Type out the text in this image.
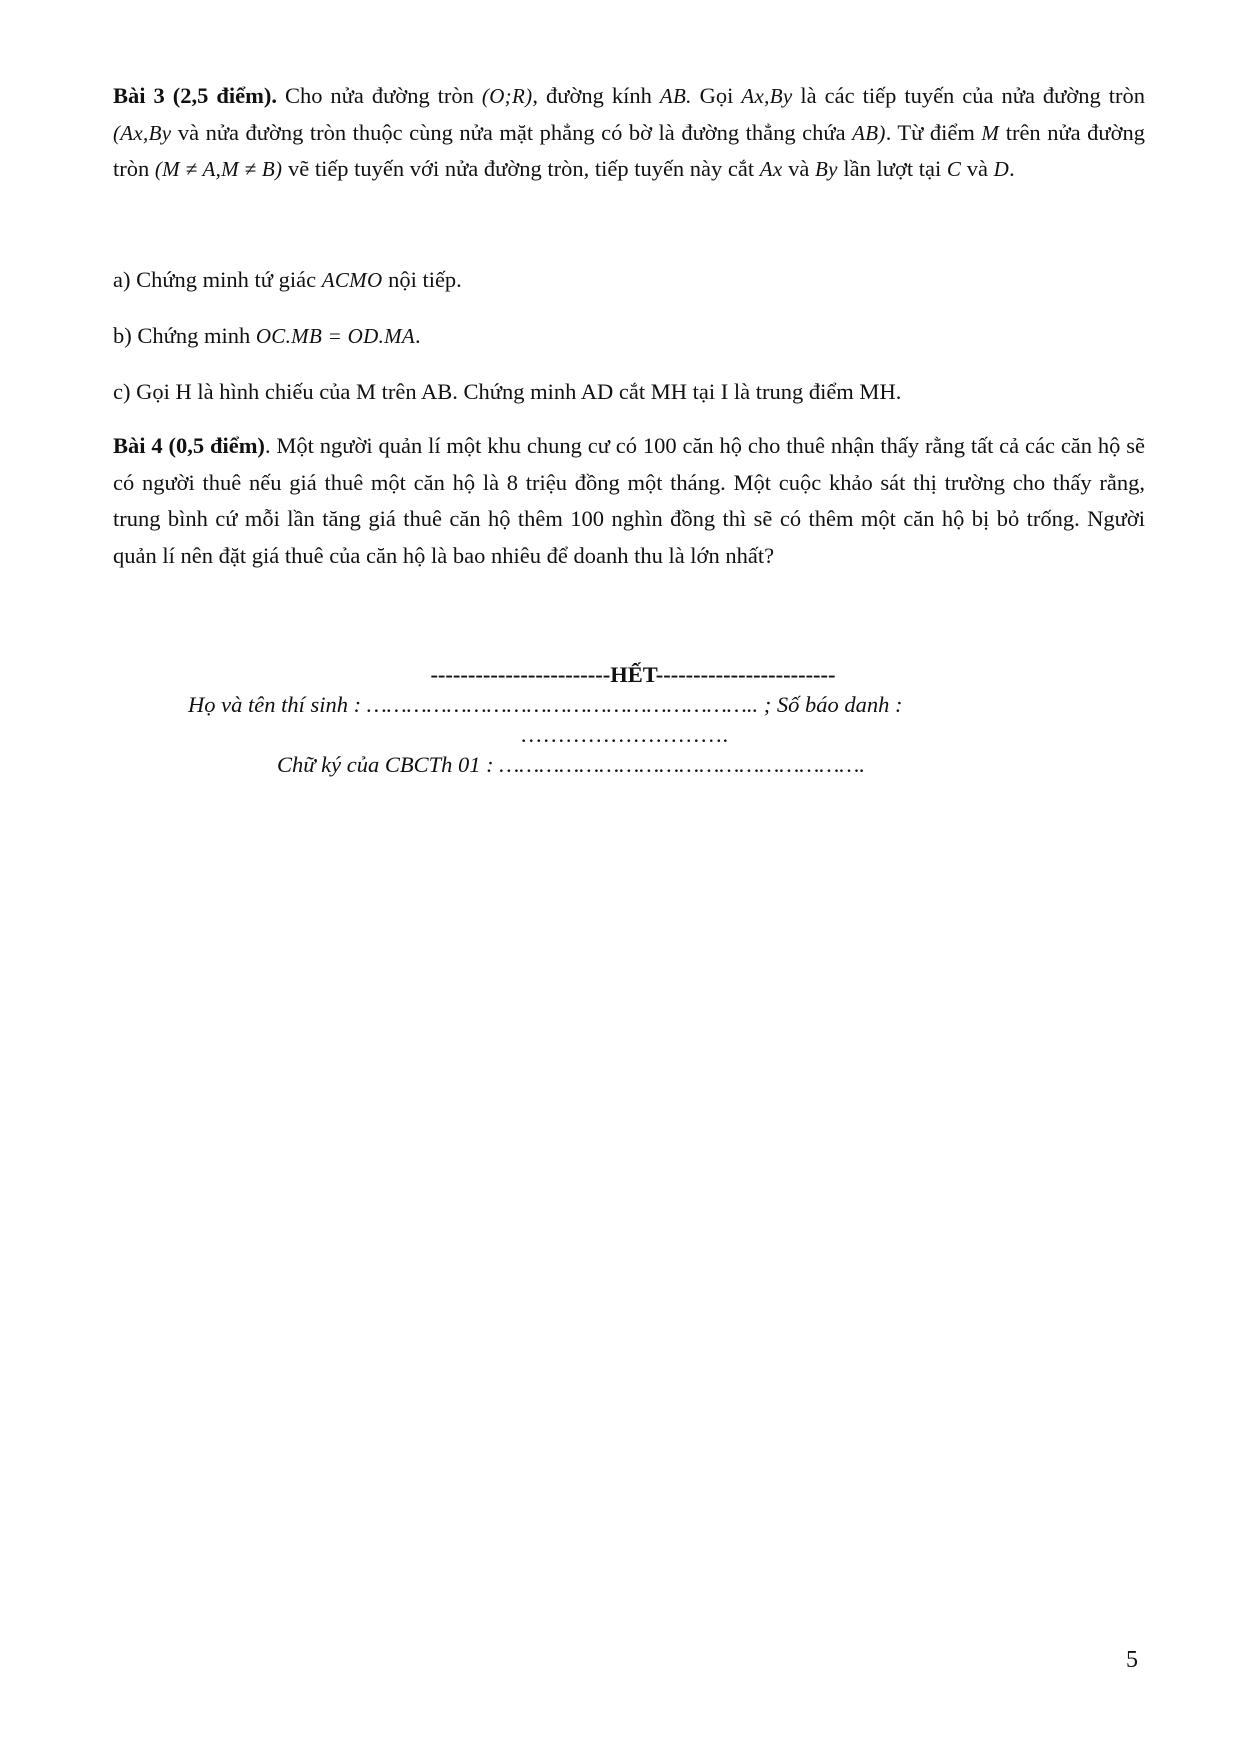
Bài 3 (2,5 điểm). Cho nửa đường tròn (O;R), đường kính AB. Gọi Ax,By là các tiếp tuyến của nửa đường tròn (Ax,By và nửa đường tròn thuộc cùng nửa mặt phẳng có bờ là đường thẳng chứa AB). Từ điểm M trên nửa đường tròn (M ≠ A,M ≠ B) vẽ tiếp tuyến với nửa đường tròn, tiếp tuyến này cắt Ax và By lần lượt tại C và D.

a) Chứng minh tứ giác ACMO nội tiếp.

b) Chứng minh OC.MB = OD.MA.

c) Gọi H là hình chiếu của M trên AB. Chứng minh AD cắt MH tại I là trung điểm MH.

Bài 4 (0,5 điểm). Một người quản lí một khu chung cư có 100 căn hộ cho thuê nhận thấy rằng tất cả các căn hộ sẽ có người thuê nếu giá thuê một căn hộ là 8 triệu đồng một tháng. Một cuộc khảo sát thị trường cho thấy rằng, trung bình cứ mỗi lần tăng giá thuê căn hộ thêm 100 nghìn đồng thì sẽ có thêm một căn hộ bị bỏ trống. Người quản lí nên đặt giá thuê của căn hộ là bao nhiêu để doanh thu là lớn nhất?

------------------------HẾT------------------------

Họ và tên thí sinh : ………………………………………………….. ; Số báo danh :

……………………….

Chữ ký của CBCTh 01 : ……………………………………………….

5
